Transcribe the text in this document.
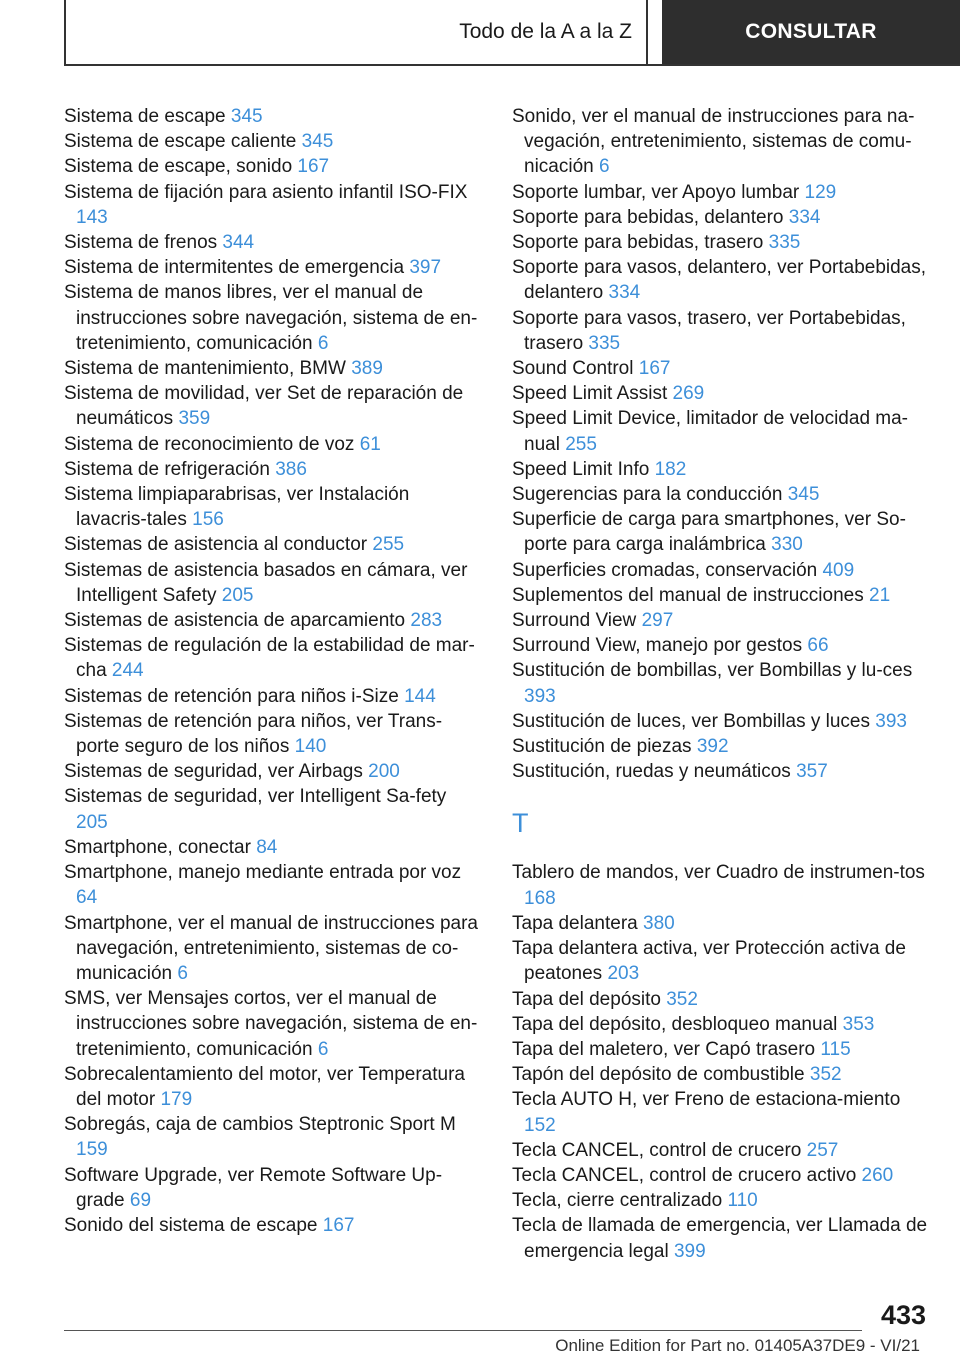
Todo de la A a la Z	CONSULTAR

Sistema de escape 345

Sistema de escape caliente 345

Sistema de escape, sonido 167

Sistema de fijación para asiento infantil ISO-FIX 143

Sistema de frenos 344

Sistema de intermitentes de emergencia 397

Sistema de manos libres, ver el manual de instrucciones sobre navegación, sistema de en-tretenimiento, comunicación 6

Sistema de mantenimiento, BMW 389

Sistema de movilidad, ver Set de reparación de neumáticos 359

Sistema de reconocimiento de voz 61

Sistema de refrigeración 386

Sistema limpiaparabrisas, ver Instalación lavacris-tales 156

Sistemas de asistencia al conductor 255

Sistemas de asistencia basados en cámara, ver Intelligent Safety 205

Sistemas de asistencia de aparcamiento 283

Sistemas de regulación de la estabilidad de mar-cha 244

Sistemas de retención para niños i-Size 144

Sistemas de retención para niños, ver Trans-porte seguro de los niños 140

Sistemas de seguridad, ver Airbags 200

Sistemas de seguridad, ver Intelligent Sa-fety 205

Smartphone, conectar 84

Smartphone, manejo mediante entrada por voz 64

Smartphone, ver el manual de instrucciones para navegación, entretenimiento, sistemas de co-municación 6

SMS, ver Mensajes cortos, ver el manual de instrucciones sobre navegación, sistema de en-tretenimiento, comunicación 6

Sobrecalentamiento del motor, ver Temperatura del motor 179

Sobregás, caja de cambios Steptronic Sport M 159

Software Upgrade, ver Remote Software Up-grade 69

Sonido del sistema de escape 167

Sonido, ver el manual de instrucciones para na-vegación, entretenimiento, sistemas de comu-nicación 6

Soporte lumbar, ver Apoyo lumbar 129

Soporte para bebidas, delantero 334

Soporte para bebidas, trasero 335

Soporte para vasos, delantero, ver Portabebidas, delantero 334

Soporte para vasos, trasero, ver Portabebidas, trasero 335

Sound Control 167

Speed Limit Assist 269

Speed Limit Device, limitador de velocidad ma-nual 255

Speed Limit Info 182

Sugerencias para la conducción 345

Superficie de carga para smartphones, ver So-porte para carga inalámbrica 330

Superficies cromadas, conservación 409

Suplementos del manual de instrucciones 21

Surround View 297

Surround View, manejo por gestos 66

Sustitución de bombillas, ver Bombillas y lu-ces 393

Sustitución de luces, ver Bombillas y luces 393

Sustitución de piezas 392

Sustitución, ruedas y neumáticos 357

T

Tablero de mandos, ver Cuadro de instrumen-tos 168

Tapa delantera 380

Tapa delantera activa, ver Protección activa de peatones 203

Tapa del depósito 352

Tapa del depósito, desbloqueo manual 353

Tapa del maletero, ver Capó trasero 115

Tapón del depósito de combustible 352

Tecla AUTO H, ver Freno de estaciona-miento 152

Tecla CANCEL, control de crucero 257

Tecla CANCEL, control de crucero activo 260

Tecla, cierre centralizado 110

Tecla de llamada de emergencia, ver Llamada de emergencia legal 399

433
Online Edition for Part no. 01405A37DE9 - VI/21
